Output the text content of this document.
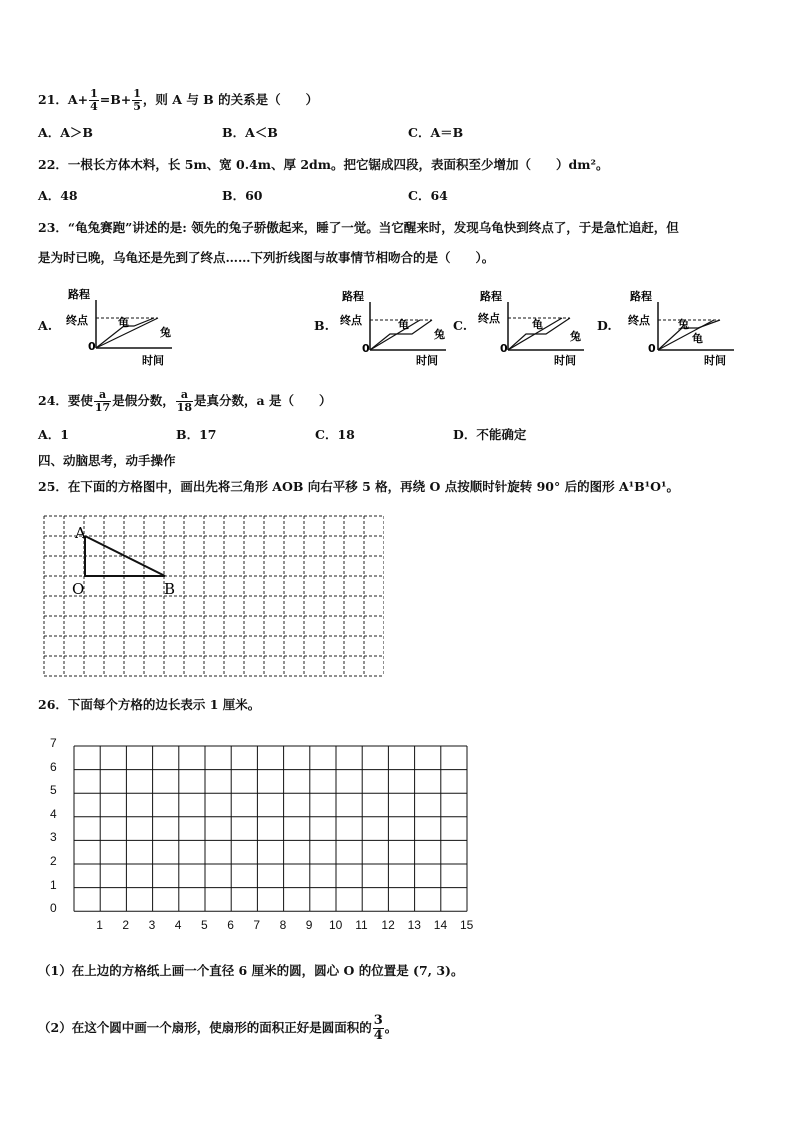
21．$A+ \frac{1}{4} =B+ \frac{1}{5}$ ，则 A 与 B 的关系是（　　）
A．A＞B	B．A＜B	C．A＝B
22．一根长方体木料，长 5m、宽 0.4m、厚 2dm。把它锯成四段，表面积至少增加（　　）dm²。
A．48	B．60	C．64
23．“龟兔赛跑”讲述的是: 领先的兔子骄傲起来，睡了一觉。当它醒来时，发现乌龟快到终点了，于是急忙追赶，但
是为时已晚，乌龟还是先到了终点……下列折线图与故事情节相吻合的是（　　）。
A.	B.	C.	D.
路程
终点
0
时间
龟
兔
路程
终点
0
时间
龟
兔
路程
终点
0
时间
龟
兔
路程
终点
0
时间
兔
龟
24．要使 $\frac{a}{17}$ 是假分数， $\frac{a}{18}$ 是真分数，a 是（　　）
A．1	B．17	C．18	D．不能确定
四、动脑思考，动手操作
25．在下面的方格图中，画出先将三角形 AOB 向右平移 5 格，再绕 O 点按顺时针旋转 90° 后的图形 A¹B¹O¹。
A
O	B
26．下面每个方格的边长表示 1 厘米。
7
6
5
4
3
2
1
0
1 2 3 4 5 6 7 8 9 10 11 12 13 14 15
（1）在上边的方格纸上画一个直径 6 厘米的圆，圆心 O 的位置是 (7, 3)。
（2）在这个圆中画一个扇形，使扇形的面积正好是圆面积的 $\frac{3}{4}$ 。
